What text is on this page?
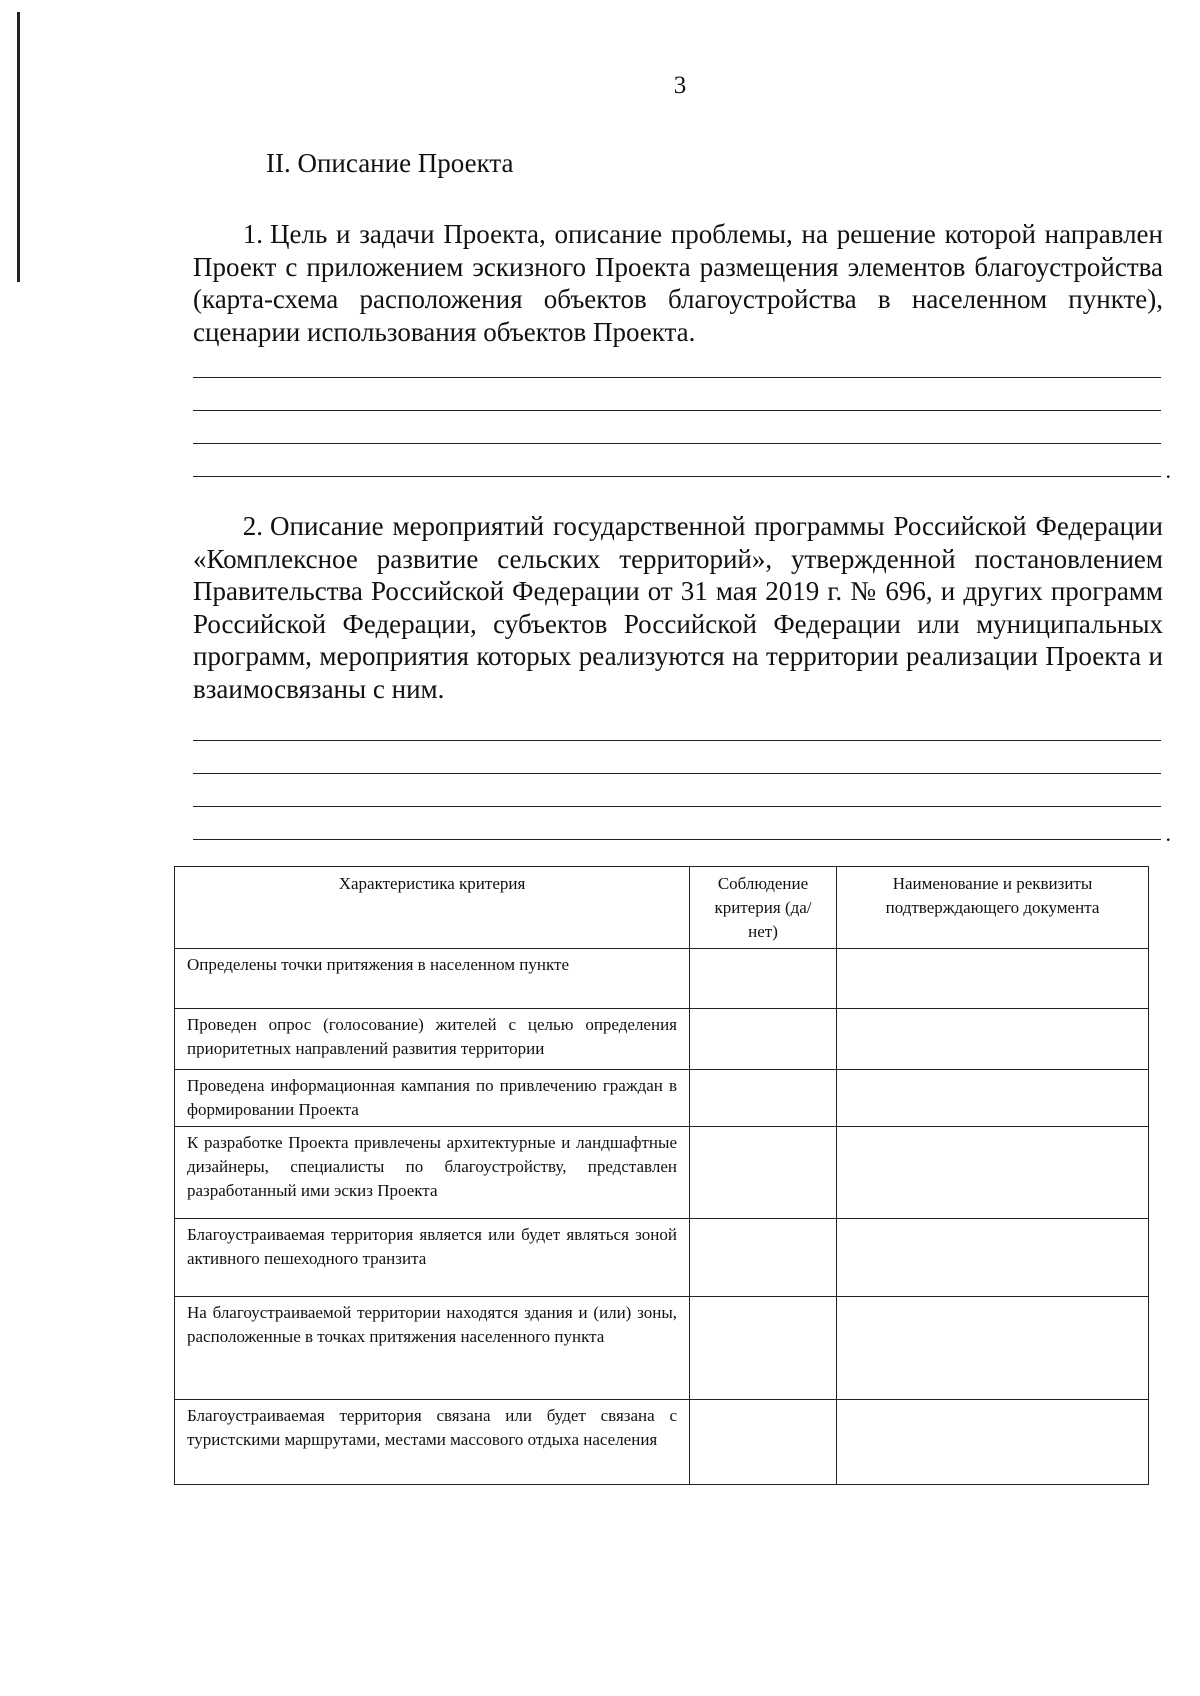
3
II. Описание Проекта

1. Цель и задачи Проекта, описание проблемы, на решение которой направлен Проект с приложением эскизного Проекта размещения элементов благоустройства (карта-схема расположения объектов благоустройства в населенном пункте), сценарии использования объектов Проекта.

.

2. Описание мероприятий государственной программы Российской Федерации «Комплексное развитие сельских территорий», утвержденной постановлением Правительства Российской Федерации от 31 мая 2019 г. № 696, и других программ Российской Федерации, субъектов Российской Федерации или муниципальных программ, мероприятия которых реализуются на территории реализации Проекта и взаимосвязаны с ним.

.
Характеристика критерия	Соблюдение критерия (да/нет)	Наименование и реквизиты подтверждающего документа
Определены точки притяжения в населенном пункте		
Проведен опрос (голосование) жителей с целью определения приоритетных направлений развития территории		
Проведена информационная кампания по привлечению граждан в формировании Проекта		
К разработке Проекта привлечены архитектурные и ландшафтные дизайнеры, специалисты по благоустройству, представлен разработанный ими эскиз Проекта		
Благоустраиваемая территория является или будет являться зоной активного пешеходного транзита		
На благоустраиваемой территории находятся здания и (или) зоны, расположенные в точках притяжения населенного пункта		
Благоустраиваемая территория связана или будет связана с туристскими маршрутами, местами массового отдыха населения		
